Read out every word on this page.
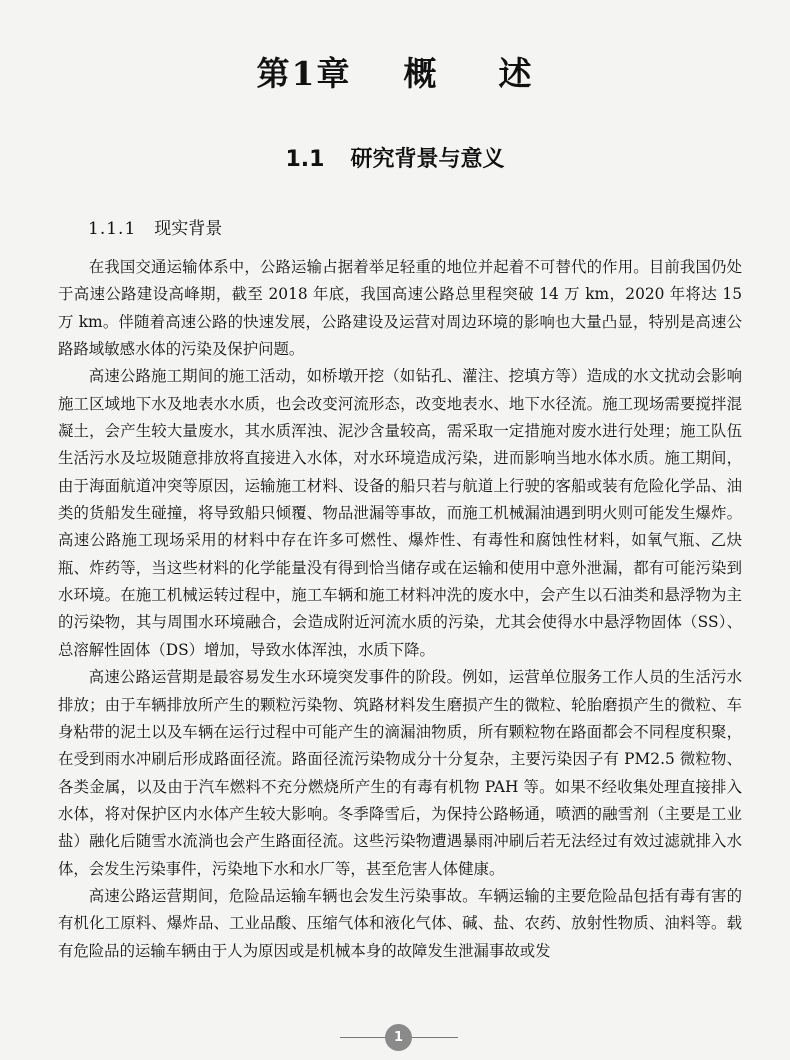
第1章 概 述
1.1 研究背景与意义
1.1.1 现实背景

在我国交通运输体系中，公路运输占据着举足轻重的地位并起着不可替代的作用。目前我国仍处于高速公路建设高峰期，截至 2018 年底，我国高速公路总里程突破 14 万 km，2020 年将达 15 万 km。伴随着高速公路的快速发展，公路建设及运营对周边环境的影响也大量凸显，特别是高速公路路域敏感水体的污染及保护问题。

高速公路施工期间的施工活动，如桥墩开挖（如钻孔、灌注、挖填方等）造成的水文扰动会影响施工区域地下水及地表水水质，也会改变河流形态，改变地表水、地下水径流。施工现场需要搅拌混凝土，会产生较大量废水，其水质浑浊、泥沙含量较高，需采取一定措施对废水进行处理；施工队伍生活污水及垃圾随意排放将直接进入水体，对水环境造成污染，进而影响当地水体水质。施工期间，由于海面航道冲突等原因，运输施工材料、设备的船只若与航道上行驶的客船或装有危险化学品、油类的货船发生碰撞，将导致船只倾覆、物品泄漏等事故，而施工机械漏油遇到明火则可能发生爆炸。高速公路施工现场采用的材料中存在许多可燃性、爆炸性、有毒性和腐蚀性材料，如氧气瓶、乙炔瓶、炸药等，当这些材料的化学能量没有得到恰当储存或在运输和使用中意外泄漏，都有可能污染到水环境。在施工机械运转过程中，施工车辆和施工材料冲洗的废水中，会产生以石油类和悬浮物为主的污染物，其与周围水环境融合，会造成附近河流水质的污染，尤其会使得水中悬浮物固体（SS）、总溶解性固体（DS）增加，导致水体浑浊，水质下降。

高速公路运营期是最容易发生水环境突发事件的阶段。例如，运营单位服务工作人员的生活污水排放；由于车辆排放所产生的颗粒污染物、筑路材料发生磨损产生的微粒、轮胎磨损产生的微粒、车身粘带的泥土以及车辆在运行过程中可能产生的滴漏油物质，所有颗粒物在路面都会不同程度积聚，在受到雨水冲刷后形成路面径流。路面径流污染物成分十分复杂，主要污染因子有 PM2.5 微粒物、各类金属，以及由于汽车燃料不充分燃烧所产生的有毒有机物 PAH 等。如果不经收集处理直接排入水体，将对保护区内水体产生较大影响。冬季降雪后，为保持公路畅通，喷洒的融雪剂（主要是工业盐）融化后随雪水流淌也会产生路面径流。这些污染物遭遇暴雨冲刷后若无法经过有效过滤就排入水体，会发生污染事件，污染地下水和水厂等，甚至危害人体健康。

高速公路运营期间，危险品运输车辆也会发生污染事故。车辆运输的主要危险品包括有毒有害的有机化工原料、爆炸品、工业品酸、压缩气体和液化气体、碱、盐、农药、放射性物质、油料等。载有危险品的运输车辆由于人为原因或是机械本身的故障发生泄漏事故或发

1
